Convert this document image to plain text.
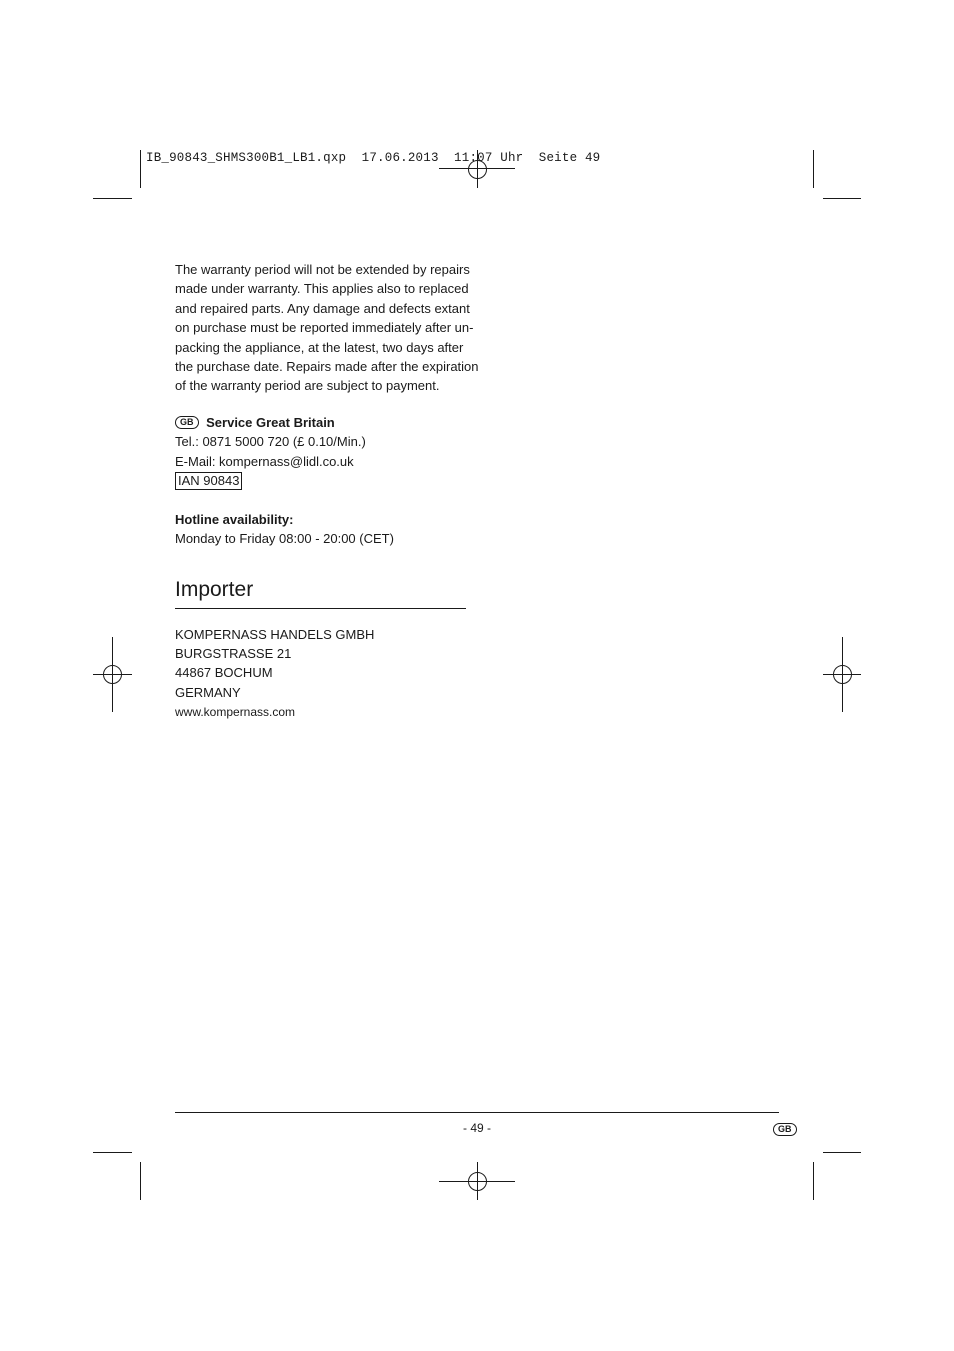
IB_90843_SHMS300B1_LB1.qxp  17.06.2013  11:07 Uhr  Seite 49
The warranty period will not be extended by repairs
made under warranty. This applies also to replaced
and repaired parts. Any damage and defects extant
on purchase must be reported immediately after un-
packing the appliance, at the latest, two days after
the purchase date. Repairs made after the expiration
of the warranty period are subject to payment.
GB Service Great Britain
Tel.: 0871 5000 720 (£ 0.10/Min.)
E-Mail: kompernass@lidl.co.uk
IAN 90843
Hotline availability:
Monday to Friday 08:00 - 20:00 (CET)
Importer
KOMPERNASS HANDELS GMBH
BURGSTRASSE 21
44867 BOCHUM
GERMANY
www.kompernass.com
- 49 -	GB
